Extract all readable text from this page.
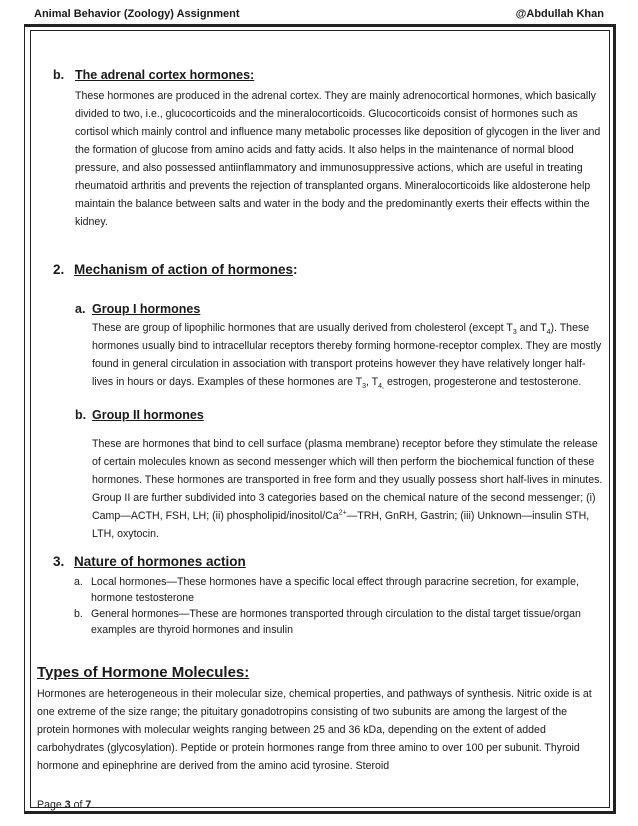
Animal Behavior (Zoology) Assignment	@Abdullah Khan
b. The adrenal cortex hormones:

These hormones are produced in the adrenal cortex. They are mainly adrenocortical hormones, which basically divided to two, i.e., glucocorticoids and the mineralocorticoids. Glucocorticoids consist of hormones such as cortisol which mainly control and influence many metabolic processes like deposition of glycogen in the liver and the formation of glucose from amino acids and fatty acids. It also helps in the maintenance of normal blood pressure, and also possessed antiinflammatory and immunosuppressive actions, which are useful in treating rheumatoid arthritis and prevents the rejection of transplanted organs. Mineralocorticoids like aldosterone help maintain the balance between salts and water in the body and the predominantly exerts their effects within the kidney.

2. Mechanism of action of hormones:
a. Group I hormones

These are group of lipophilic hormones that are usually derived from cholesterol (except $T_3$ and $T_4$). These hormones usually bind to intracellular receptors thereby forming hormone-receptor complex. They are mostly found in general circulation in association with transport proteins however they have relatively longer half-lives in hours or days. Examples of these hormones are $T_3$, $T_{4,}$ estrogen, progesterone and testosterone.

b. Group II hormones

These are hormones that bind to cell surface (plasma membrane) receptor before they stimulate the release of certain molecules known as second messenger which will then perform the biochemical function of these hormones. These hormones are transported in free form and they usually possess short half-lives in minutes. Group II are further subdivided into 3 categories based on the chemical nature of the second messenger; (i) Camp—ACTH, FSH, LH; (ii) phospholipid/$inositol/Ca^{2+}—TRH$, GnRH, Gastrin; (iii) Unknown—insulin STH, LTH, oxytocin.

3. Nature of hormones action
a. Local hormones—These hormones have a specific local effect through paracrine secretion, for example, hormone testosterone
b. General hormones—These are hormones transported through circulation to the distal target tissue/organ examples are thyroid hormones and insulin
Types of Hormone Molecules:

Hormones are heterogeneous in their molecular size, chemical properties, and pathways of synthesis. Nitric oxide is at one extreme of the size range; the pituitary gonadotropins consisting of two subunits are among the largest of the protein hormones with molecular weights ranging between 25 and 36 kDa, depending on the extent of added carbohydrates (glycosylation). Peptide or protein hormones range from three amino to over 100 per subunit. Thyroid hormone and epinephrine are derived from the amino acid tyrosine. Steroid

Page 3 of 7
